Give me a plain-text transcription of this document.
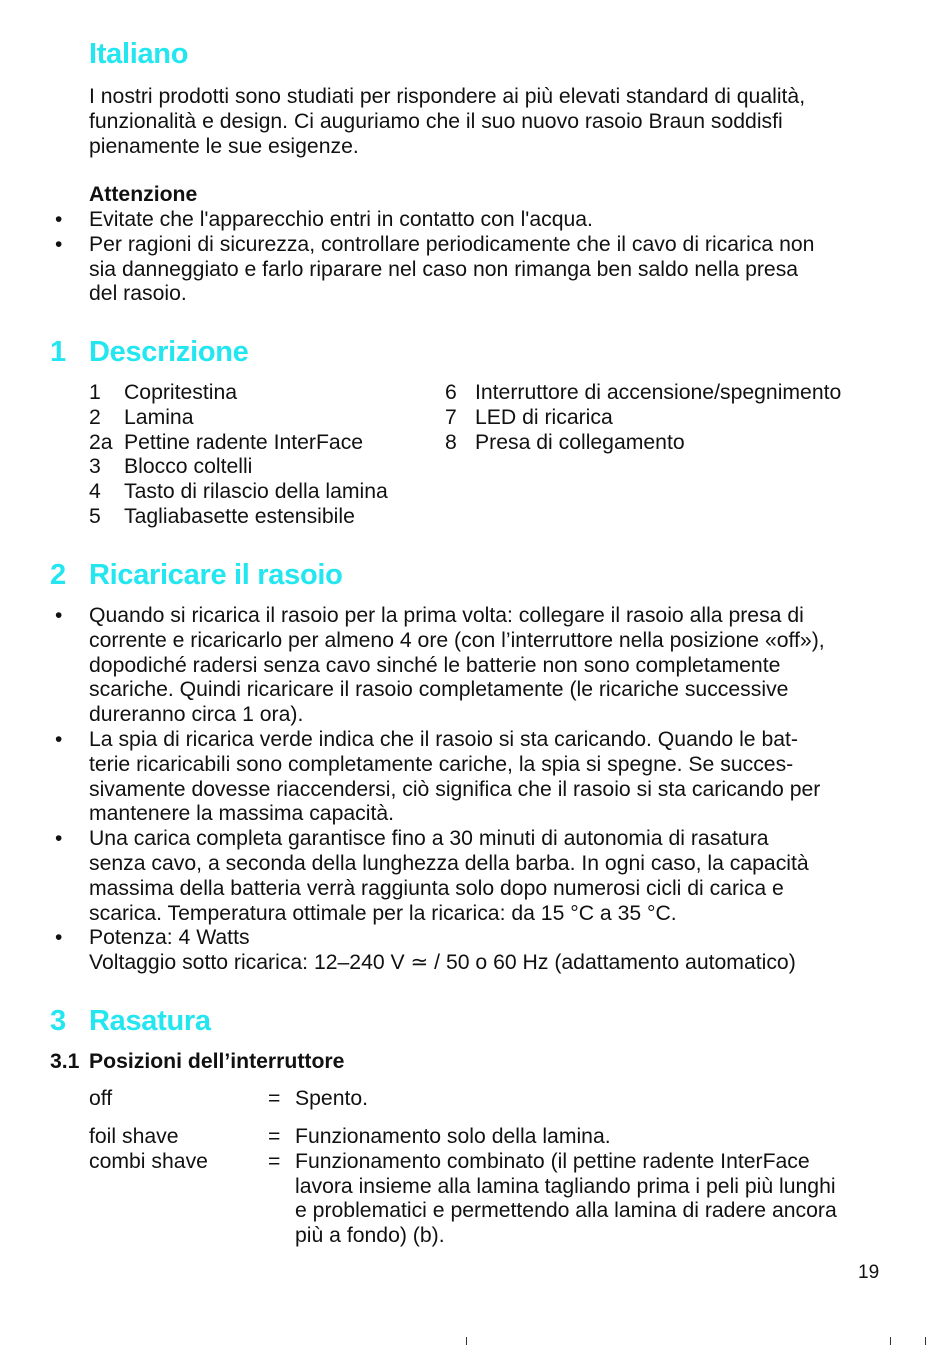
Italiano
I nostri prodotti sono studiati per rispondere ai più elevati standard di qualità,
funzionalità e design. Ci auguriamo che il suo nuovo rasoio Braun soddisfi
pienamente le sue esigenze.
Attenzione
• Evitate che l'apparecchio entri in contatto con l'acqua.
• Per ragioni di sicurezza, controllare periodicamente che il cavo di ricarica non
sia danneggiato e farlo riparare nel caso non rimanga ben saldo nella presa
del rasoio.
1 Descrizione
1 Copritestina
2 Lamina
2a Pettine radente InterFace
3 Blocco coltelli
4 Tasto di rilascio della lamina
5 Tagliabasette estensibile
6 Interruttore di accensione/spegnimento
7 LED di ricarica
8 Presa di collegamento
2 Ricaricare il rasoio
• Quando si ricarica il rasoio per la prima volta: collegare il rasoio alla presa di
corrente e ricaricarlo per almeno 4 ore (con l’interruttore nella posizione «off»),
dopodiché radersi senza cavo sinché le batterie non sono completamente
scariche. Quindi ricaricare il rasoio completamente (le ricariche successive
dureranno circa 1 ora).
• La spia di ricarica verde indica che il rasoio si sta caricando. Quando le bat-
terie ricaricabili sono completamente cariche, la spia si spegne. Se succes-
sivamente dovesse riaccendersi, ciò significa che il rasoio si sta caricando per
mantenere la massima capacità.
• Una carica completa garantisce fino a 30 minuti di autonomia di rasatura
senza cavo, a seconda della lunghezza della barba. In ogni caso, la capacità
massima della batteria verrà raggiunta solo dopo numerosi cicli di carica e
scarica. Temperatura ottimale per la ricarica: da 15 °C a 35 °C.
• Potenza: 4 Watts
Voltaggio sotto ricarica: 12–240 V ≃ / 50 o 60 Hz (adattamento automatico)
3 Rasatura
3.1 Posizioni dell’interruttore
off	= Spento.
foil shave	= Funzionamento solo della lamina.
combi shave	= Funzionamento combinato (il pettine radente InterFace
lavora insieme alla lamina tagliando prima i peli più lunghi
e problematici e permettendo alla lamina di radere ancora
più a fondo) (b).
19
